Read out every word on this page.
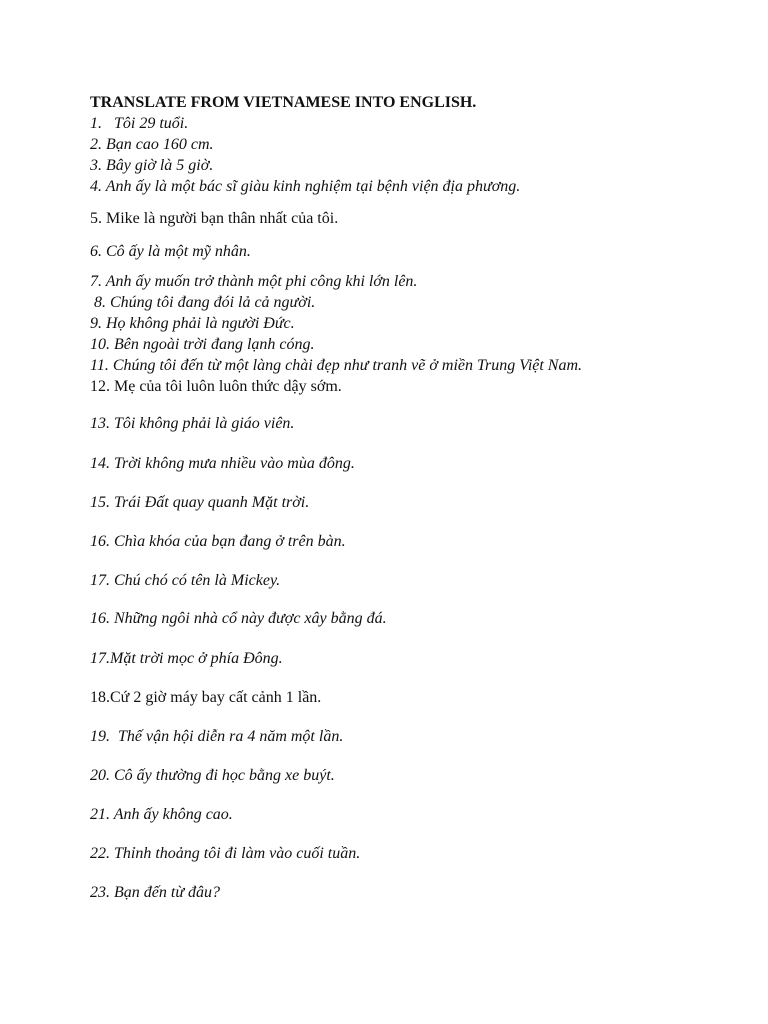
TRANSLATE FROM VIETNAMESE INTO ENGLISH.
1.   Tôi 29 tuổi.
2. Bạn cao 160 cm.
3. Bây giờ là 5 giờ.
4. Anh ấy là một bác sĩ giàu kinh nghiệm tại bệnh viện địa phương.
5. Mike là người bạn thân nhất của tôi.
6. Cô ấy là một mỹ nhân.
7. Anh ấy muốn trở thành một phi công khi lớn lên.
8. Chúng tôi đang đói lả cả người.
9. Họ không phải là người Đức.
10. Bên ngoài trời đang lạnh cóng.
11. Chúng tôi đến từ một làng chài đẹp như tranh vẽ ở miền Trung Việt Nam.
12. Mẹ của tôi luôn luôn thức dậy sớm.
13. Tôi không phải là giáo viên.
14. Trời không mưa nhiều vào mùa đông.
15. Trái Đất quay quanh Mặt trời.
16. Chìa khóa của bạn đang ở trên bàn.
17. Chú chó có tên là Mickey.
16. Những ngôi nhà cổ này được xây bằng đá.
17.Mặt trời mọc ở phía Đông.
18.Cứ 2 giờ máy bay cất cảnh 1 lần.
19.  Thế vận hội diễn ra 4 năm một lần.
20. Cô ấy thường đi học bằng xe buýt.
21. Anh ấy không cao.
22. Thỉnh thoảng tôi đi làm vào cuối tuần.
23. Bạn đến từ đâu?
